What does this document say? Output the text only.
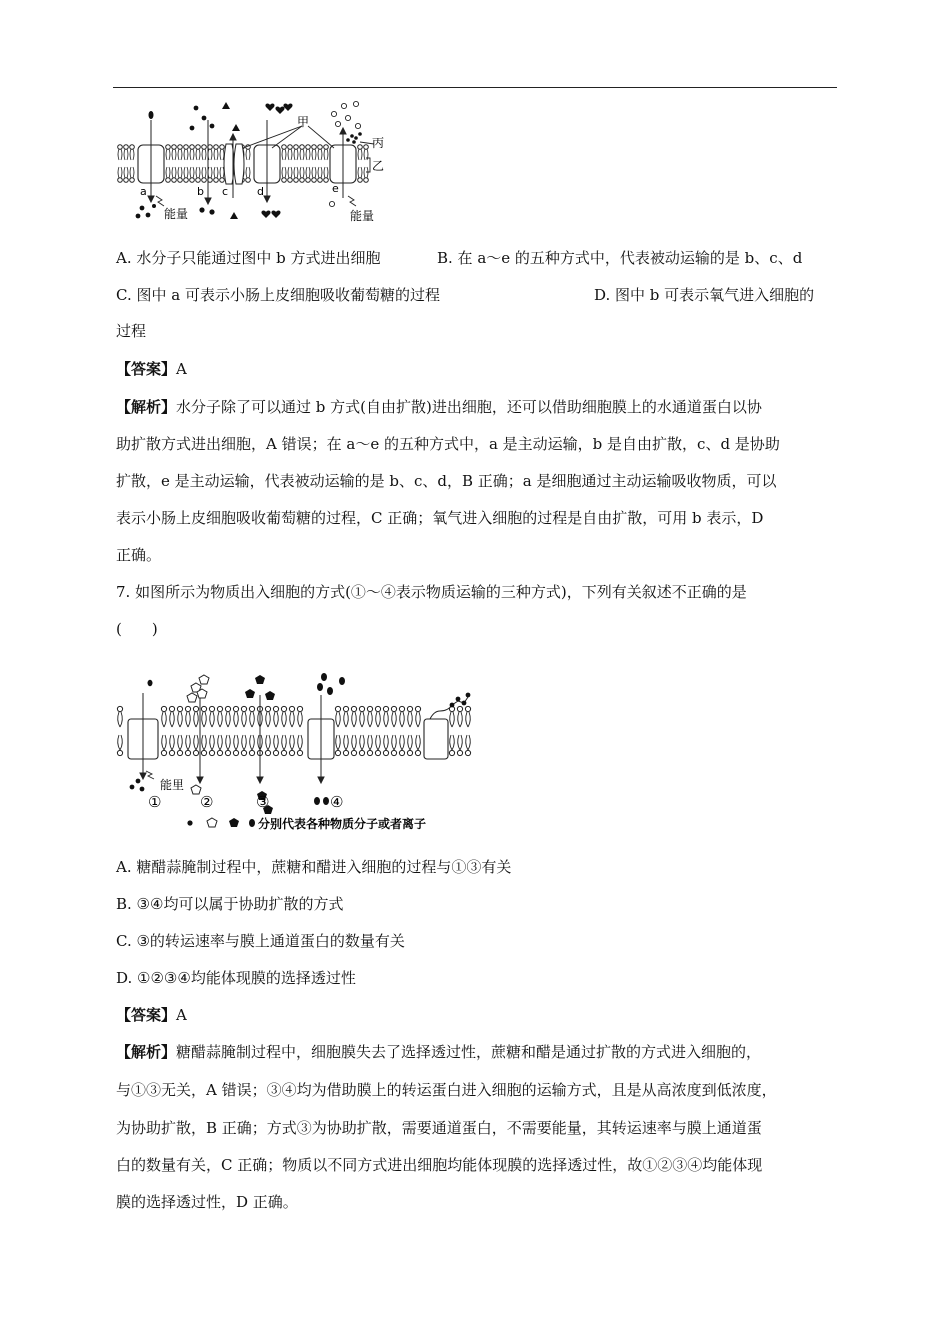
甲
丙
乙
a	b c	d	e
能量	能量
A. 水分子只能通过图中 b 方式进出细胞	B. 在 a～e 的五种方式中，代表被动运输的是 b、c、d
C. 图中 a 可表示小肠上皮细胞吸收葡萄糖的过程	D. 图中 b 可表示氧气进入细胞的
过程
【答案】A
【解析】水分子除了可以通过 b 方式(自由扩散)进出细胞，还可以借助细胞膜上的水通道蛋白以协
助扩散方式进出细胞，A 错误；在 a～e 的五种方式中，a 是主动运输，b 是自由扩散，c、d 是协助
扩散，e 是主动运输，代表被动运输的是 b、c、d，B 正确；a 是细胞通过主动运输吸收物质，可以
表示小肠上皮细胞吸收葡萄糖的过程，C 正确；氧气进入细胞的过程是自由扩散，可用 b 表示，D
正确。
7. 如图所示为物质出入细胞的方式(①～④表示物质运输的三种方式)，下列有关叙述不正确的是
(　　)
能里
①	②	③	④
分别代表各种物质分子或者离子
A. 糖醋蒜腌制过程中，蔗糖和醋进入细胞的过程与①③有关
B. ③④均可以属于协助扩散的方式
C. ③的转运速率与膜上通道蛋白的数量有关
D. ①②③④均能体现膜的选择透过性
【答案】A
【解析】糖醋蒜腌制过程中，细胞膜失去了选择透过性，蔗糖和醋是通过扩散的方式进入细胞的，
与①③无关，A 错误；③④均为借助膜上的转运蛋白进入细胞的运输方式，且是从高浓度到低浓度，
为协助扩散，B 正确；方式③为协助扩散，需要通道蛋白，不需要能量，其转运速率与膜上通道蛋
白的数量有关，C 正确；物质以不同方式进出细胞均能体现膜的选择透过性，故①②③④均能体现
膜的选择透过性，D 正确。
